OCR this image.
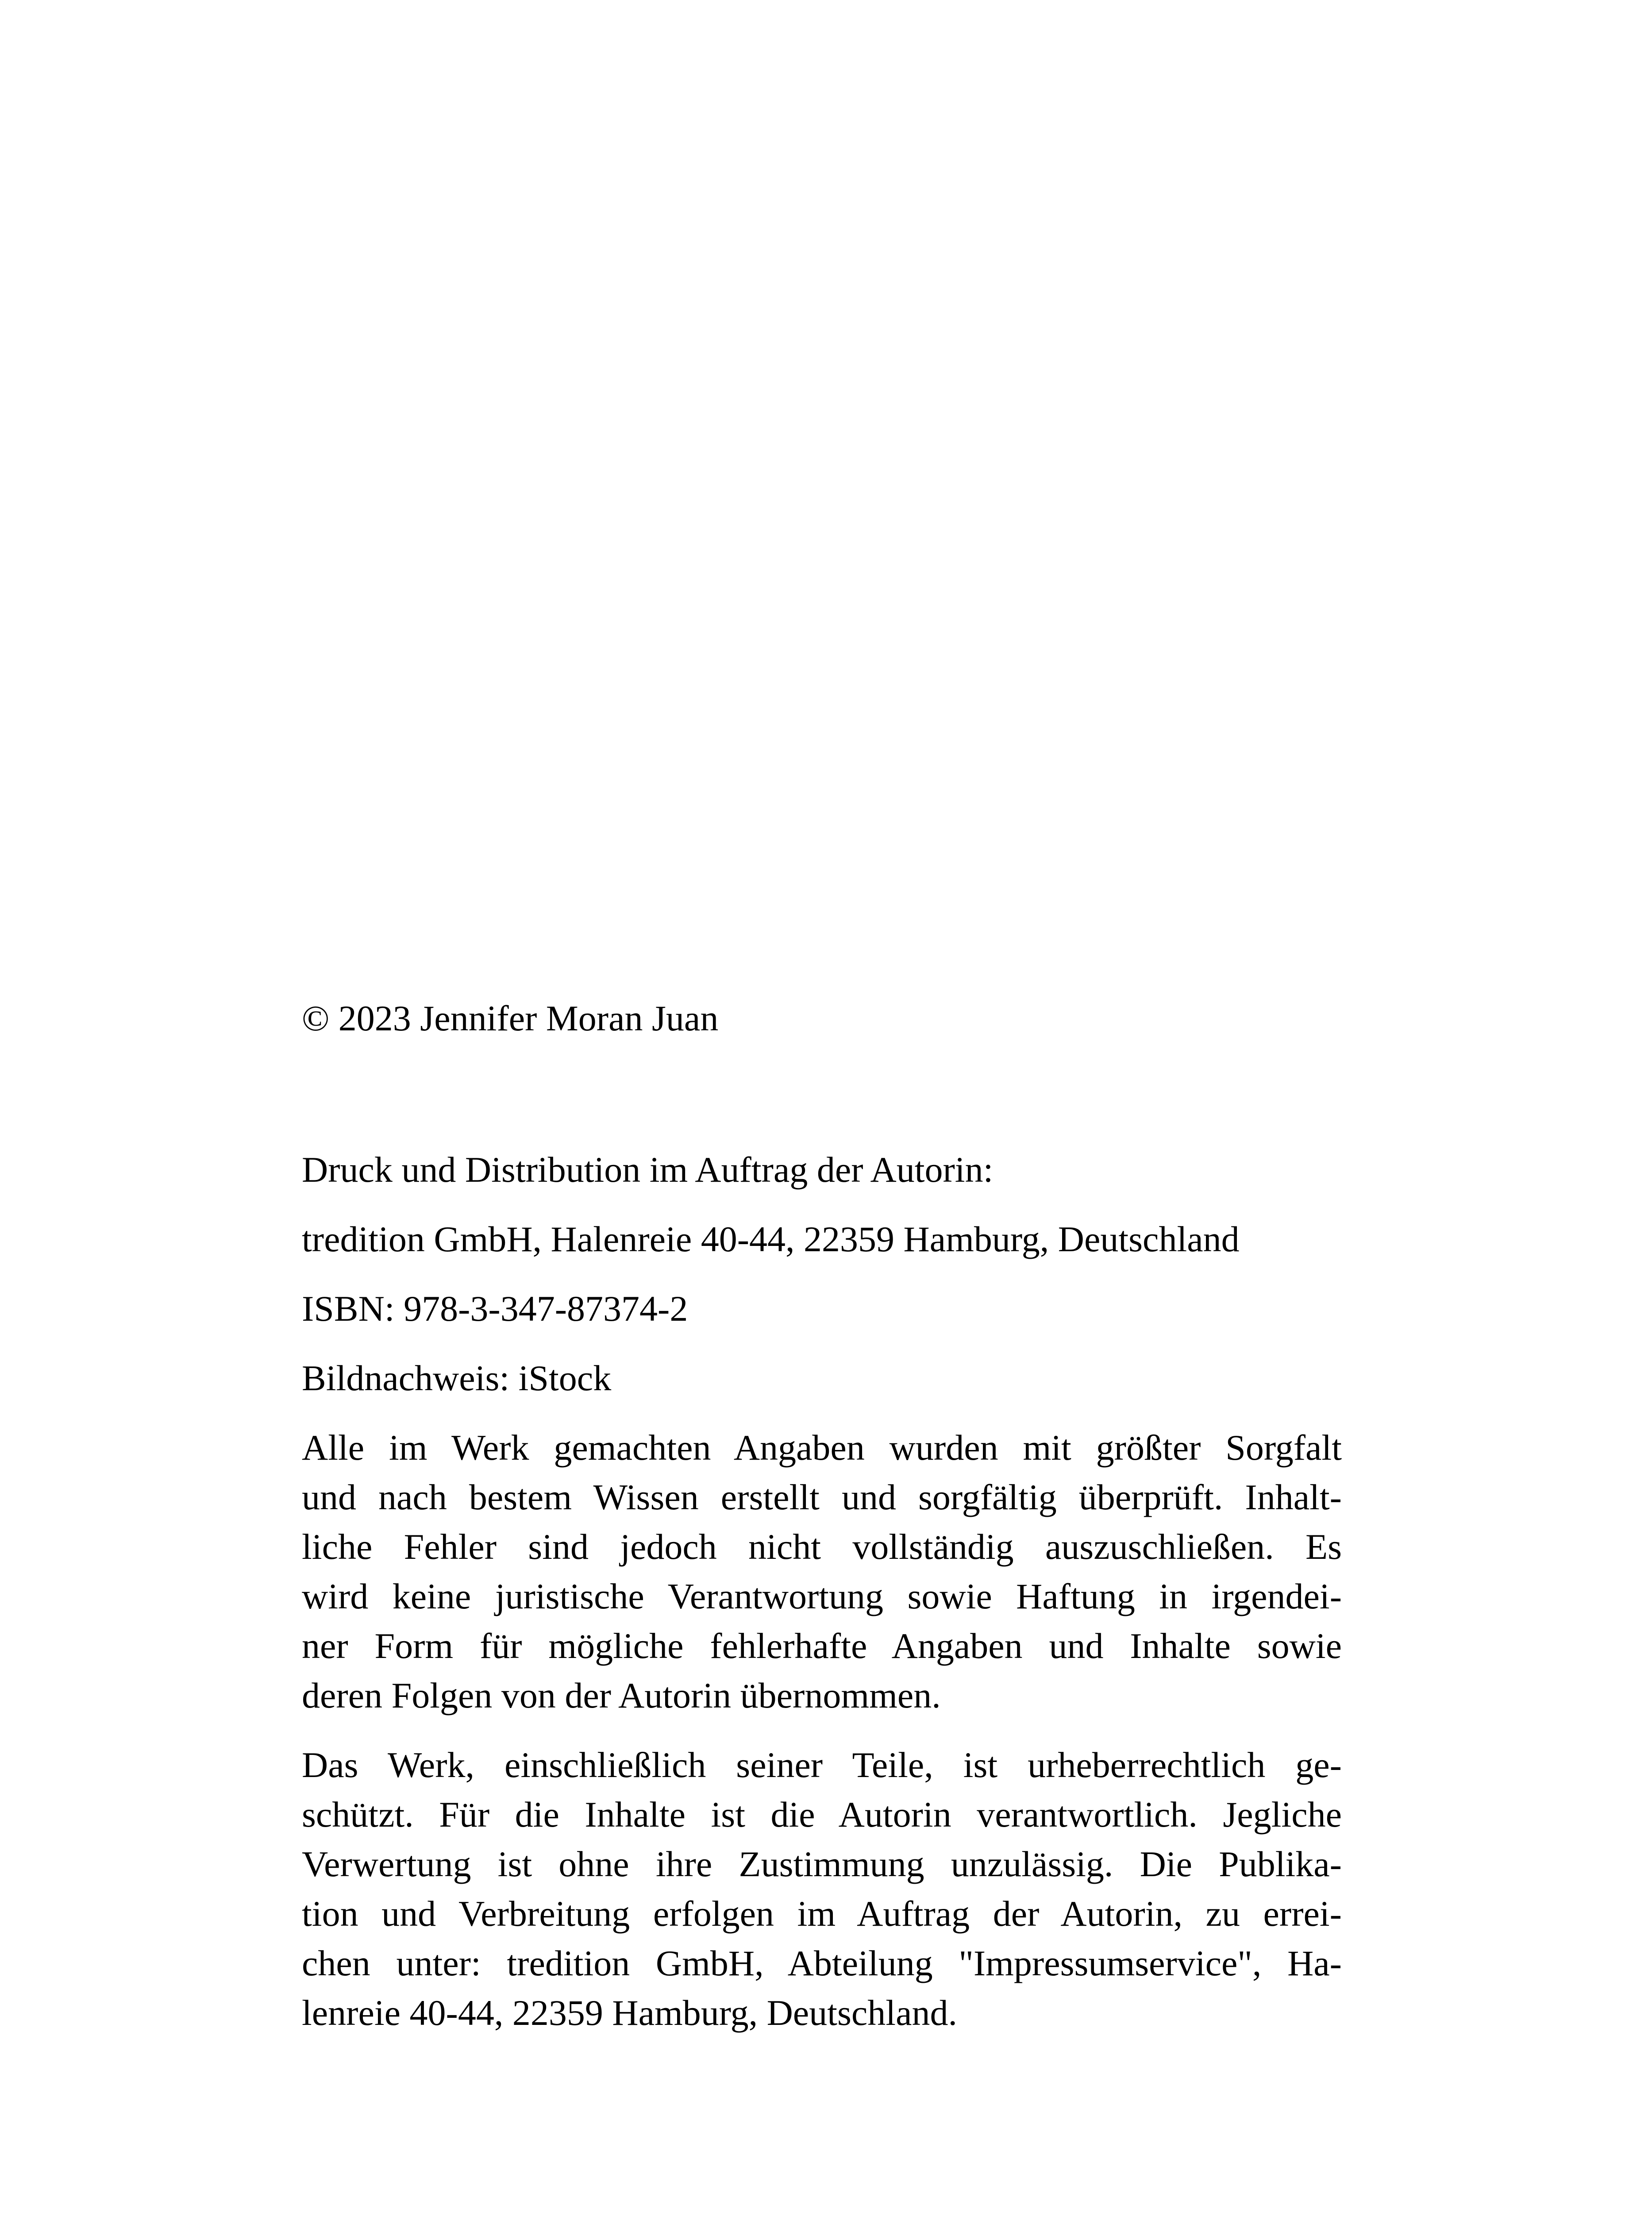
© 2023 Jennifer Moran Juan

Druck und Distribution im Auftrag der Autorin:

tredition GmbH, Halenreie 40-44, 22359 Hamburg, Deutschland

ISBN: 978-3-347-87374-2

Bildnachweis: iStock

Alle im Werk gemachten Angaben wurden mit größter Sorgfalt
und nach bestem Wissen erstellt und sorgfältig überprüft. Inhalt-
liche Fehler sind jedoch nicht vollständig auszuschließen. Es
wird keine juristische Verantwortung sowie Haftung in irgendei-
ner Form für mögliche fehlerhafte Angaben und Inhalte sowie
deren Folgen von der Autorin übernommen.
Das Werk, einschließlich seiner Teile, ist urheberrechtlich ge-
schützt. Für die Inhalte ist die Autorin verantwortlich. Jegliche
Verwertung ist ohne ihre Zustimmung unzulässig. Die Publika-
tion und Verbreitung erfolgen im Auftrag der Autorin, zu errei-
chen unter: tredition GmbH, Abteilung "Impressumservice", Ha-
lenreie 40-44, 22359 Hamburg, Deutschland.
